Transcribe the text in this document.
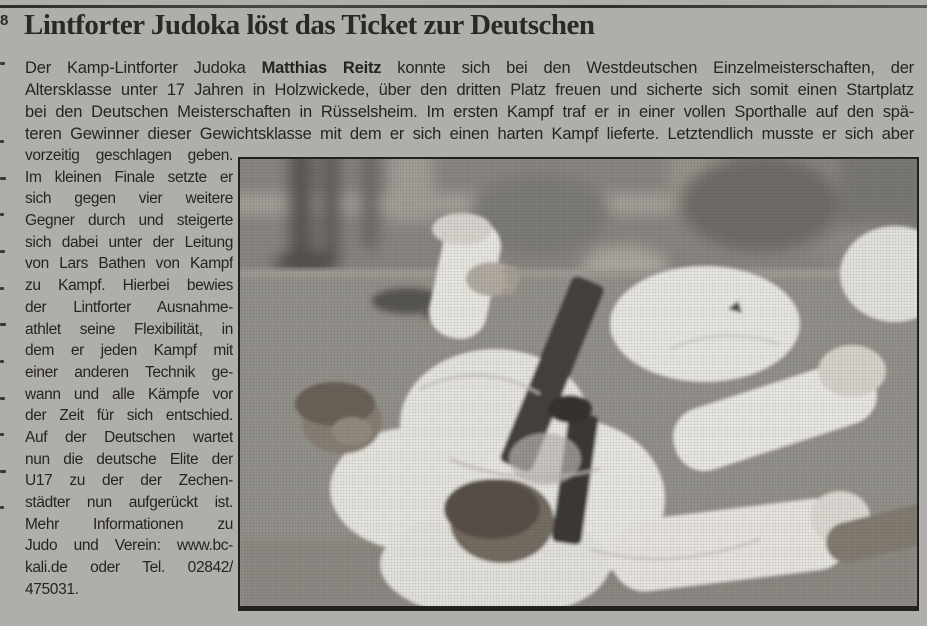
8 Lintforter Judoka löst das Ticket zur Deutschen
Der Kamp-Lintforter Judoka Matthias Reitz konnte sich bei den Westdeutschen Einzelmeisterschaften, der
Altersklasse unter 17 Jahren in Holzwickede, über den dritten Platz freuen und sicherte sich somit einen Startplatz
bei den Deutschen Meisterschaften in Rüsselsheim. Im ersten Kampf traf er in einer vollen Sporthalle auf den spä-
teren Gewinner dieser Gewichtsklasse mit dem er sich einen harten Kampf lieferte. Letztendlich musste er sich aber
vorzeitig geschlagen geben.
Im kleinen Finale setzte er
sich gegen vier weitere
Gegner durch und steigerte
sich dabei unter der Leitung
von Lars Bathen von Kampf
zu Kampf. Hierbei bewies
der Lintforter Ausnahme-
athlet seine Flexibilität, in
dem er jeden Kampf mit
einer anderen Technik ge-
wann und alle Kämpfe vor
der Zeit für sich entschied.
Auf der Deutschen wartet
nun die deutsche Elite der
U17 zu der der Zechen-
städter nun aufgerückt ist.
Mehr Informationen zu
Judo und Verein: www.bc-
kali.de oder Tel. 02842/
475031.
